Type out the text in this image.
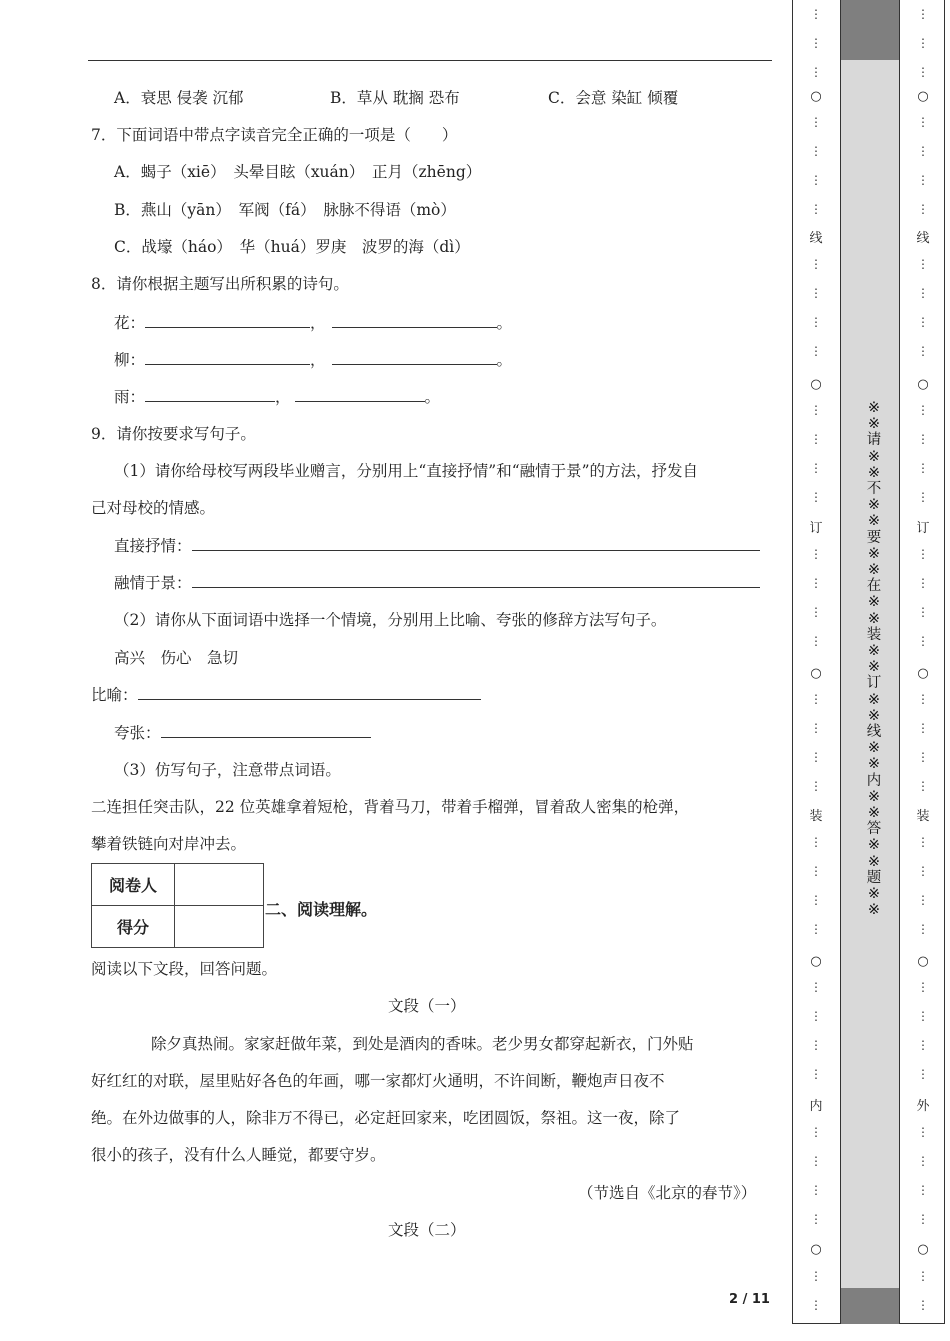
A．衰思 侵袭 沉郁	B．草从 耽搁 恐布	C．会意 染缸 倾覆
7．下面词语中带点字读音完全正确的一项是（　　）
A．蝎子（xiē）　头晕目眩（xuán）　正月（zhēng）
B．燕山（yān）　军阀（fá）　脉脉不得语（mò）
C．战壕（háo）　华（huá）罗庚　波罗的海（dì）
8．请你根据主题写出所积累的诗句。
花：	，	。
柳：	，	。
雨：	，	。
9．请你按要求写句子。
（1）请你给母校写两段毕业赠言，分别用上“直接抒情”和“融情于景”的方法，抒发自
己对母校的情感。
直接抒情：
融情于景：
（2）请你从下面词语中选择一个情境，分别用上比喻、夸张的修辞方法写句子。
高兴　伤心　急切
比喻：
夸张：
（3）仿写句子，注意带点词语。
二连担任突击队，22 位英雄拿着短枪，背着马刀，带着手榴弹，冒着敌人密集的枪弹，
攀着铁链向对岸冲去。
阅卷人	
得分	
二、阅读理解。
阅读以下文段，回答问题。
文段（一）
除夕真热闹。家家赶做年菜，到处是酒肉的香味。老少男女都穿起新衣，门外贴
好红红的对联，屋里贴好各色的年画，哪一家都灯火通明，不许间断，鞭炮声日夜不
绝。在外边做事的人，除非万不得已，必定赶回家来，吃团圆饭，祭祖。这一夜，除了
很小的孩子，没有什么人睡觉，都要守岁。
（节选自《北京的春节》）
文段（二）
2 / 11
※※请※※不※※要※※在※※装※※订※※线※※内※※答※※题※※
⋮
⋮
⋮
○
⋮
⋮
⋮
⋮
线
⋮
⋮
⋮
⋮
○
⋮
⋮
⋮
⋮
订
⋮
⋮
⋮
⋮
○
⋮
⋮
⋮
⋮
装
⋮
⋮
⋮
⋮
○
⋮
⋮
⋮
⋮
内
⋮
⋮
⋮
⋮
○
⋮
⋮
⋮
⋮
⋮
○
⋮
⋮
⋮
⋮
线
⋮
⋮
⋮
⋮
○
⋮
⋮
⋮
⋮
订
⋮
⋮
⋮
⋮
○
⋮
⋮
⋮
⋮
装
⋮
⋮
⋮
⋮
○
⋮
⋮
⋮
⋮
外
⋮
⋮
⋮
⋮
○
⋮
⋮
